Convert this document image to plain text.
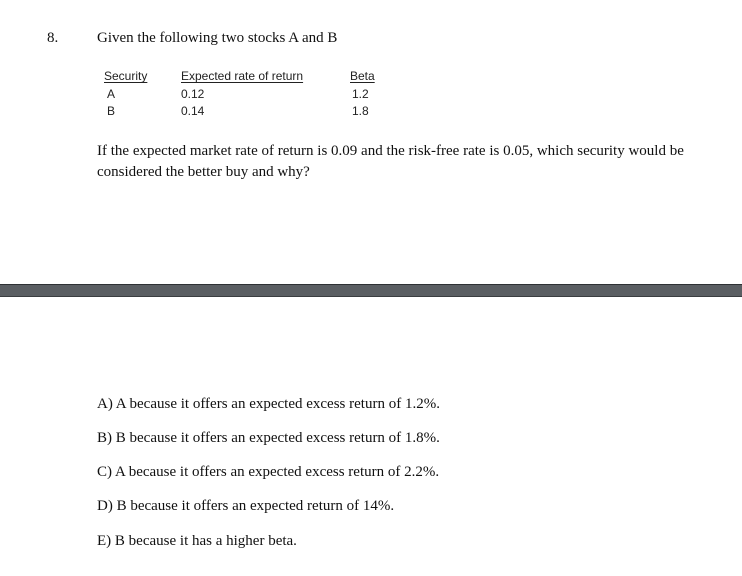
8.	Given the following two stocks A and B
Security	Expected rate of return	Beta
A	0.12	1.2
B	0.14	1.8
If the expected market rate of return is 0.09 and the risk-free rate is 0.05, which security would be considered the better buy and why?
A) A because it offers an expected excess return of 1.2%.
B) B because it offers an expected excess return of 1.8%.
C) A because it offers an expected excess return of 2.2%.
D) B because it offers an expected return of 14%.
E) B because it has a higher beta.
